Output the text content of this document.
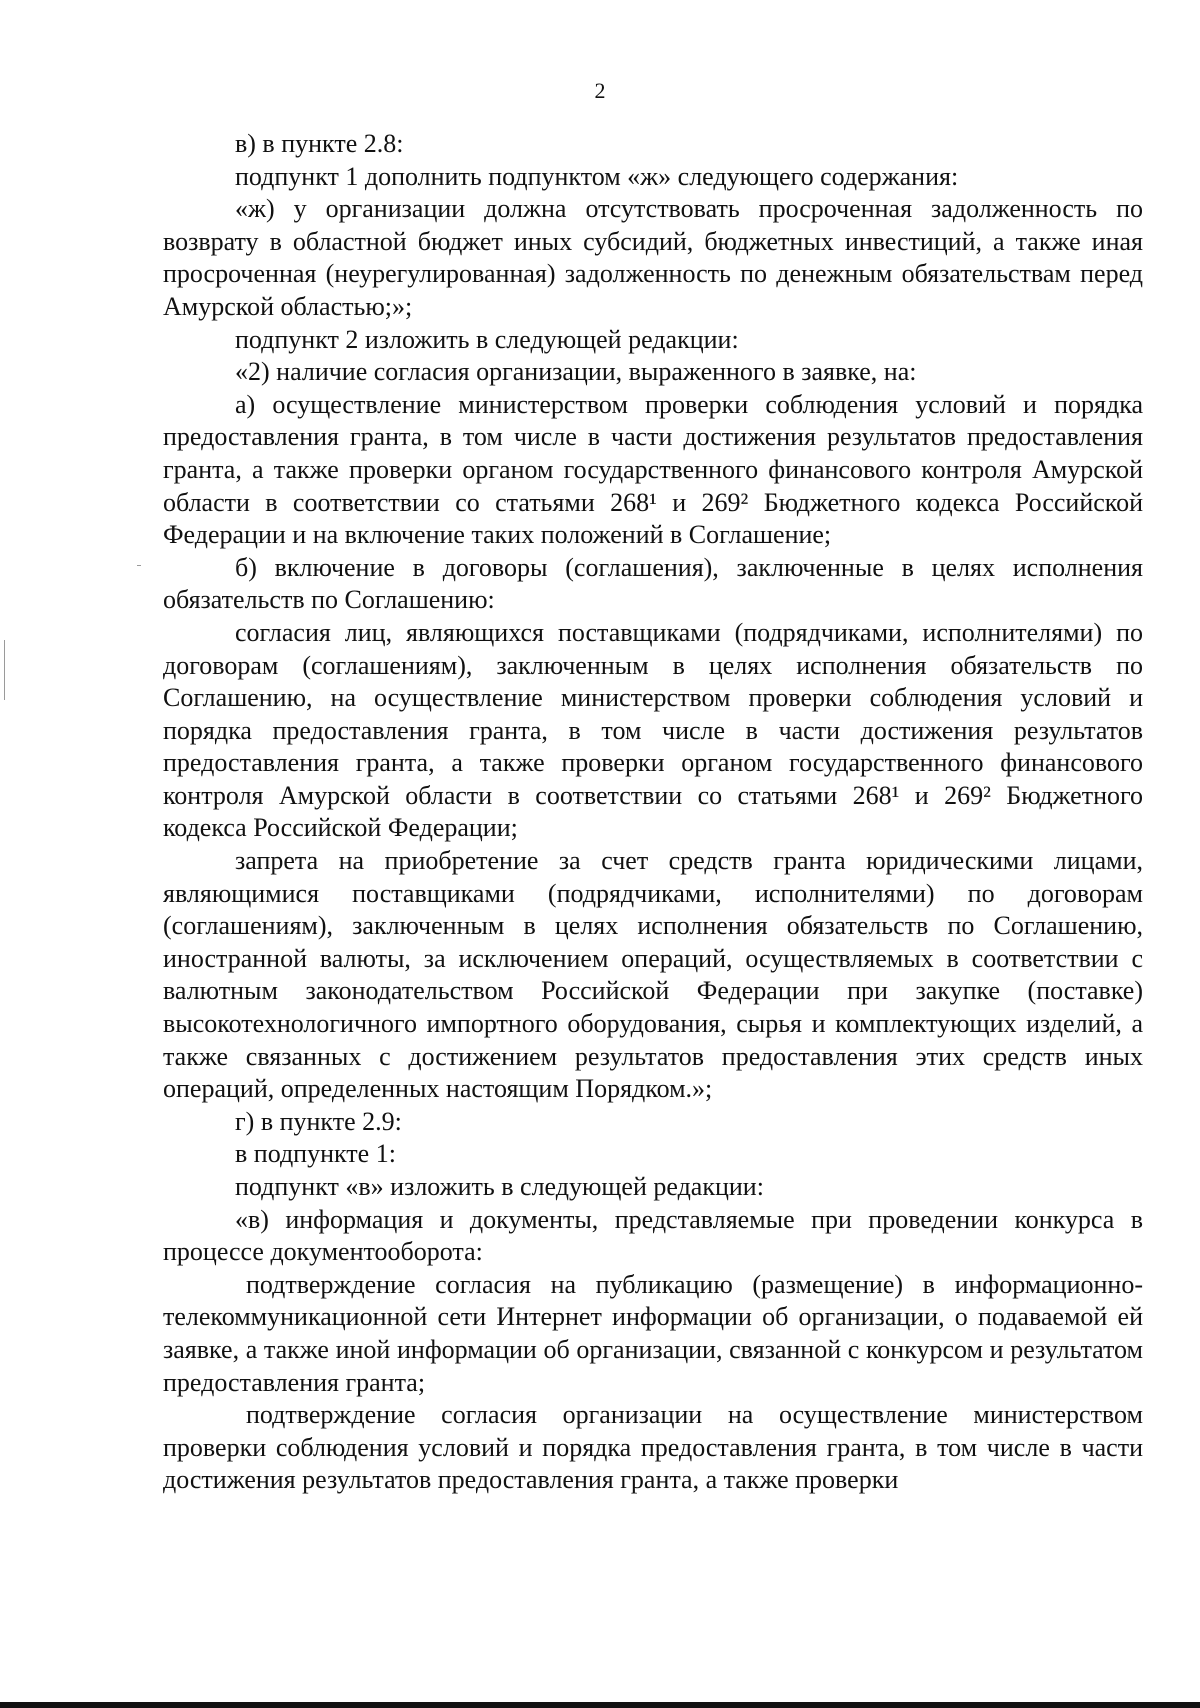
2

в) в пункте 2.8:

подпункт 1 дополнить подпунктом «ж» следующего содержания:

«ж) у организации должна отсутствовать просроченная задолженность по возврату в областной бюджет иных субсидий, бюджетных инвестиций, а также иная просроченная (неурегулированная) задолженность по денежным обязательствам перед Амурской областью;»;

подпункт 2 изложить в следующей редакции:

«2) наличие согласия организации, выраженного в заявке, на:

а) осуществление министерством проверки соблюдения условий и порядка предоставления гранта, в том числе в части достижения результатов предоставления гранта, а также проверки органом государственного финансового контроля Амурской области в соответствии со статьями 268¹ и 269² Бюджетного кодекса Российской Федерации и на включение таких положений в Соглашение;

б) включение в договоры (соглашения), заключенные в целях исполнения обязательств по Соглашению:

согласия лиц, являющихся поставщиками (подрядчиками, исполнителями) по договорам (соглашениям), заключенным в целях исполнения обязательств по Соглашению, на осуществление министерством проверки соблюдения условий и порядка предоставления гранта, в том числе в части достижения результатов предоставления гранта, а также проверки органом государственного финансового контроля Амурской области в соответствии со статьями 268¹ и 269² Бюджетного кодекса Российской Федерации;

запрета на приобретение за счет средств гранта юридическими лицами, являющимися поставщиками (подрядчиками, исполнителями) по договорам (соглашениям), заключенным в целях исполнения обязательств по Соглашению, иностранной валюты, за исключением операций, осуществляемых в соответствии с валютным законодательством Российской Федерации при закупке (поставке) высокотехнологичного импортного оборудования, сырья и комплектующих изделий, а также связанных с достижением результатов предоставления этих средств иных операций, определенных настоящим Порядком.»;

г) в пункте 2.9:

в подпункте 1:

подпункт «в» изложить в следующей редакции:

«в) информация и документы, представляемые при проведении конкурса в процессе документооборота:

подтверждение согласия на публикацию (размещение) в информационно-телекоммуникационной сети Интернет информации об организации, о подаваемой ей заявке, а также иной информации об организации, связанной с конкурсом и результатом предоставления гранта;

подтверждение согласия организации на осуществление министерством проверки соблюдения условий и порядка предоставления гранта, в том числе в части достижения результатов предоставления гранта, а также проверки
